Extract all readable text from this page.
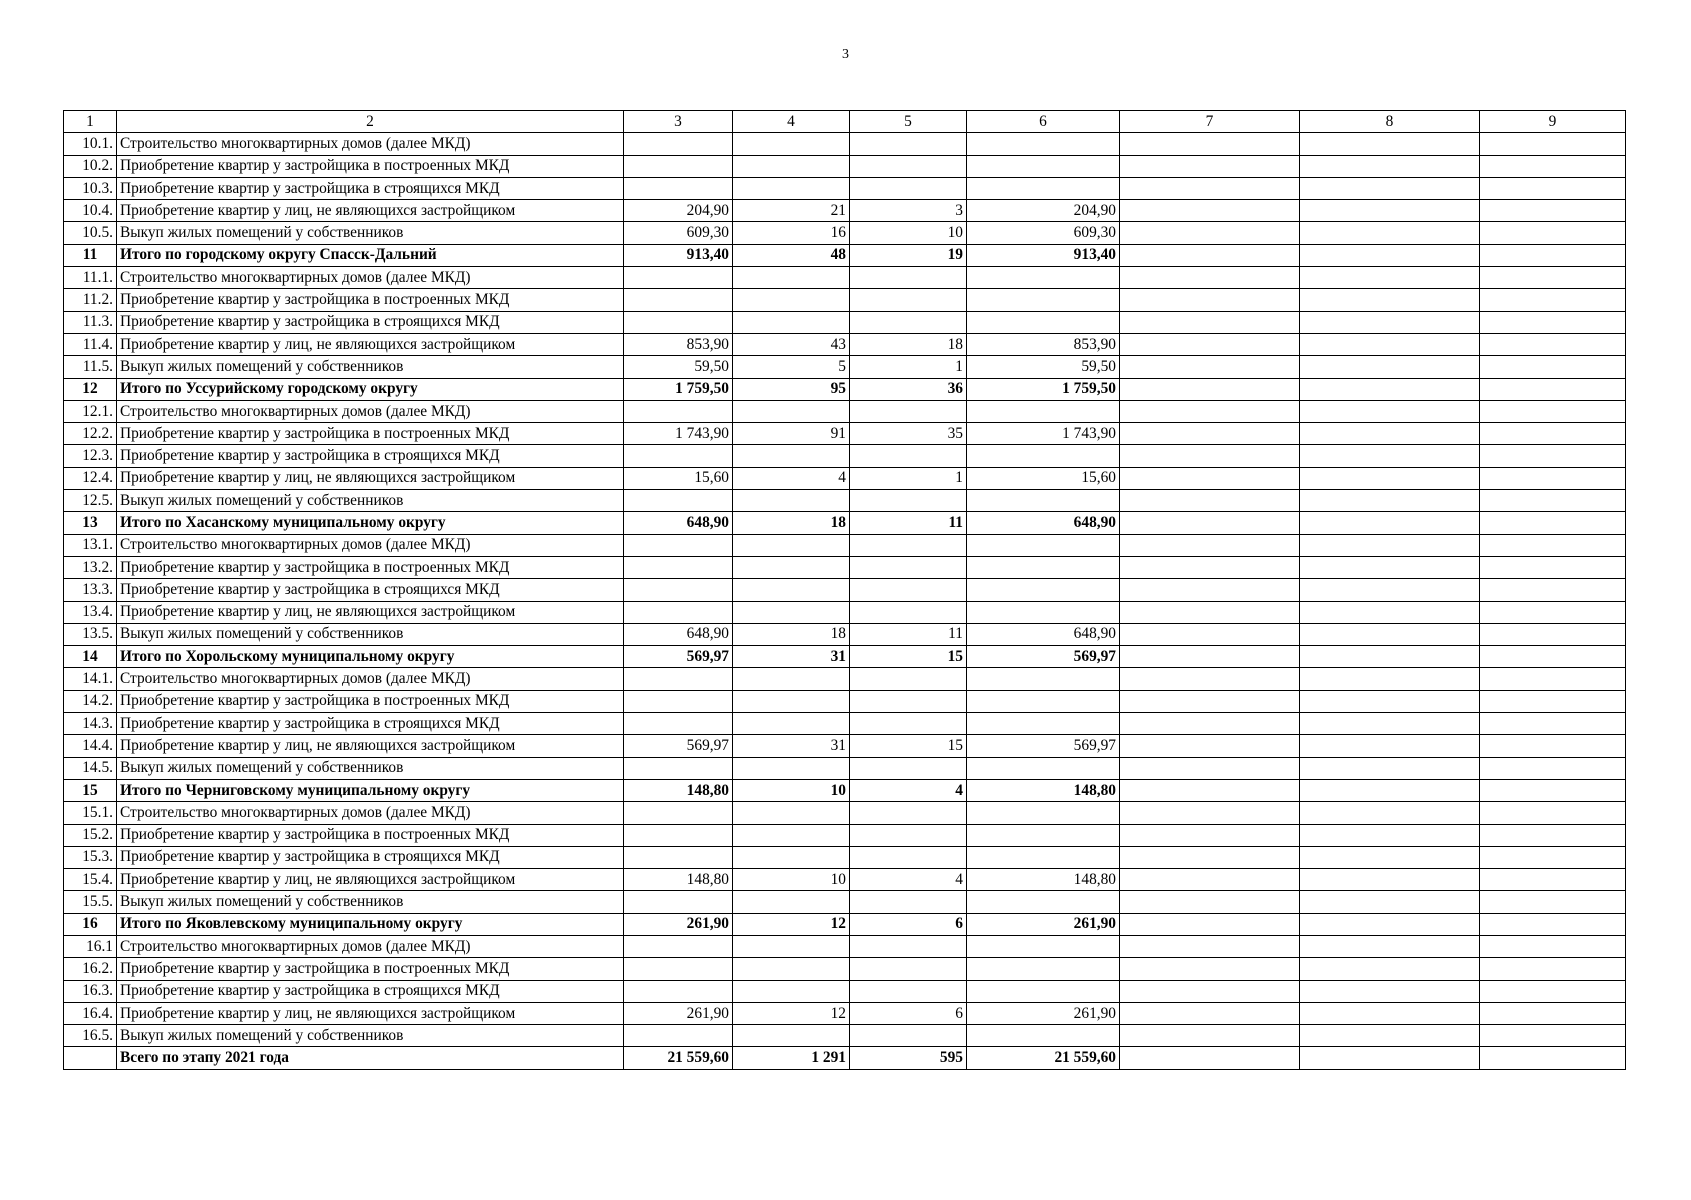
3
1	2	3	4	5	6	7	8	9
10.1.	Строительство многоквартирных домов (далее МКД)							
10.2.	Приобретение квартир у застройщика в построенных МКД							
10.3.	Приобретение квартир у застройщика в строящихся МКД							
10.4.	Приобретение квартир у лиц, не являющихся застройщиком	204,90	21	3	204,90			
10.5.	Выкуп жилых помещений у собственников	609,30	16	10	609,30			
11	Итого по городскому округу Спасск-Дальний	913,40	48	19	913,40			
11.1.	Строительство многоквартирных домов (далее МКД)							
11.2.	Приобретение квартир у застройщика в построенных МКД							
11.3.	Приобретение квартир у застройщика в строящихся МКД							
11.4.	Приобретение квартир у лиц, не являющихся застройщиком	853,90	43	18	853,90			
11.5.	Выкуп жилых помещений у собственников	59,50	5	1	59,50			
12	Итого по Уссурийскому городскому округу	1 759,50	95	36	1 759,50			
12.1.	Строительство многоквартирных домов (далее МКД)							
12.2.	Приобретение квартир у застройщика в построенных МКД	1 743,90	91	35	1 743,90			
12.3.	Приобретение квартир у застройщика в строящихся МКД							
12.4.	Приобретение квартир у лиц, не являющихся застройщиком	15,60	4	1	15,60			
12.5.	Выкуп жилых помещений у собственников							
13	Итого по Хасанскому муниципальному округу	648,90	18	11	648,90			
13.1.	Строительство многоквартирных домов (далее МКД)							
13.2.	Приобретение квартир у застройщика в построенных МКД							
13.3.	Приобретение квартир у застройщика в строящихся МКД							
13.4.	Приобретение квартир у лиц, не являющихся застройщиком							
13.5.	Выкуп жилых помещений у собственников	648,90	18	11	648,90			
14	Итого по Хорольскому муниципальному округу	569,97	31	15	569,97			
14.1.	Строительство многоквартирных домов (далее МКД)							
14.2.	Приобретение квартир у застройщика в построенных МКД							
14.3.	Приобретение квартир у застройщика в строящихся МКД							
14.4.	Приобретение квартир у лиц, не являющихся застройщиком	569,97	31	15	569,97			
14.5.	Выкуп жилых помещений у собственников							
15	Итого по Черниговскому муниципальному округу	148,80	10	4	148,80			
15.1.	Строительство многоквартирных домов (далее МКД)							
15.2.	Приобретение квартир у застройщика в построенных МКД							
15.3.	Приобретение квартир у застройщика в строящихся МКД							
15.4.	Приобретение квартир у лиц, не являющихся застройщиком	148,80	10	4	148,80			
15.5.	Выкуп жилых помещений у собственников							
16	Итого по Яковлевскому муниципальному округу	261,90	12	6	261,90			
16.1	Строительство многоквартирных домов (далее МКД)							
16.2.	Приобретение квартир у застройщика в построенных МКД							
16.3.	Приобретение квартир у застройщика в строящихся МКД							
16.4.	Приобретение квартир у лиц, не являющихся застройщиком	261,90	12	6	261,90			
16.5.	Выкуп жилых помещений у собственников							
	Всего по этапу 2021 года	21 559,60	1 291	595	21 559,60			
